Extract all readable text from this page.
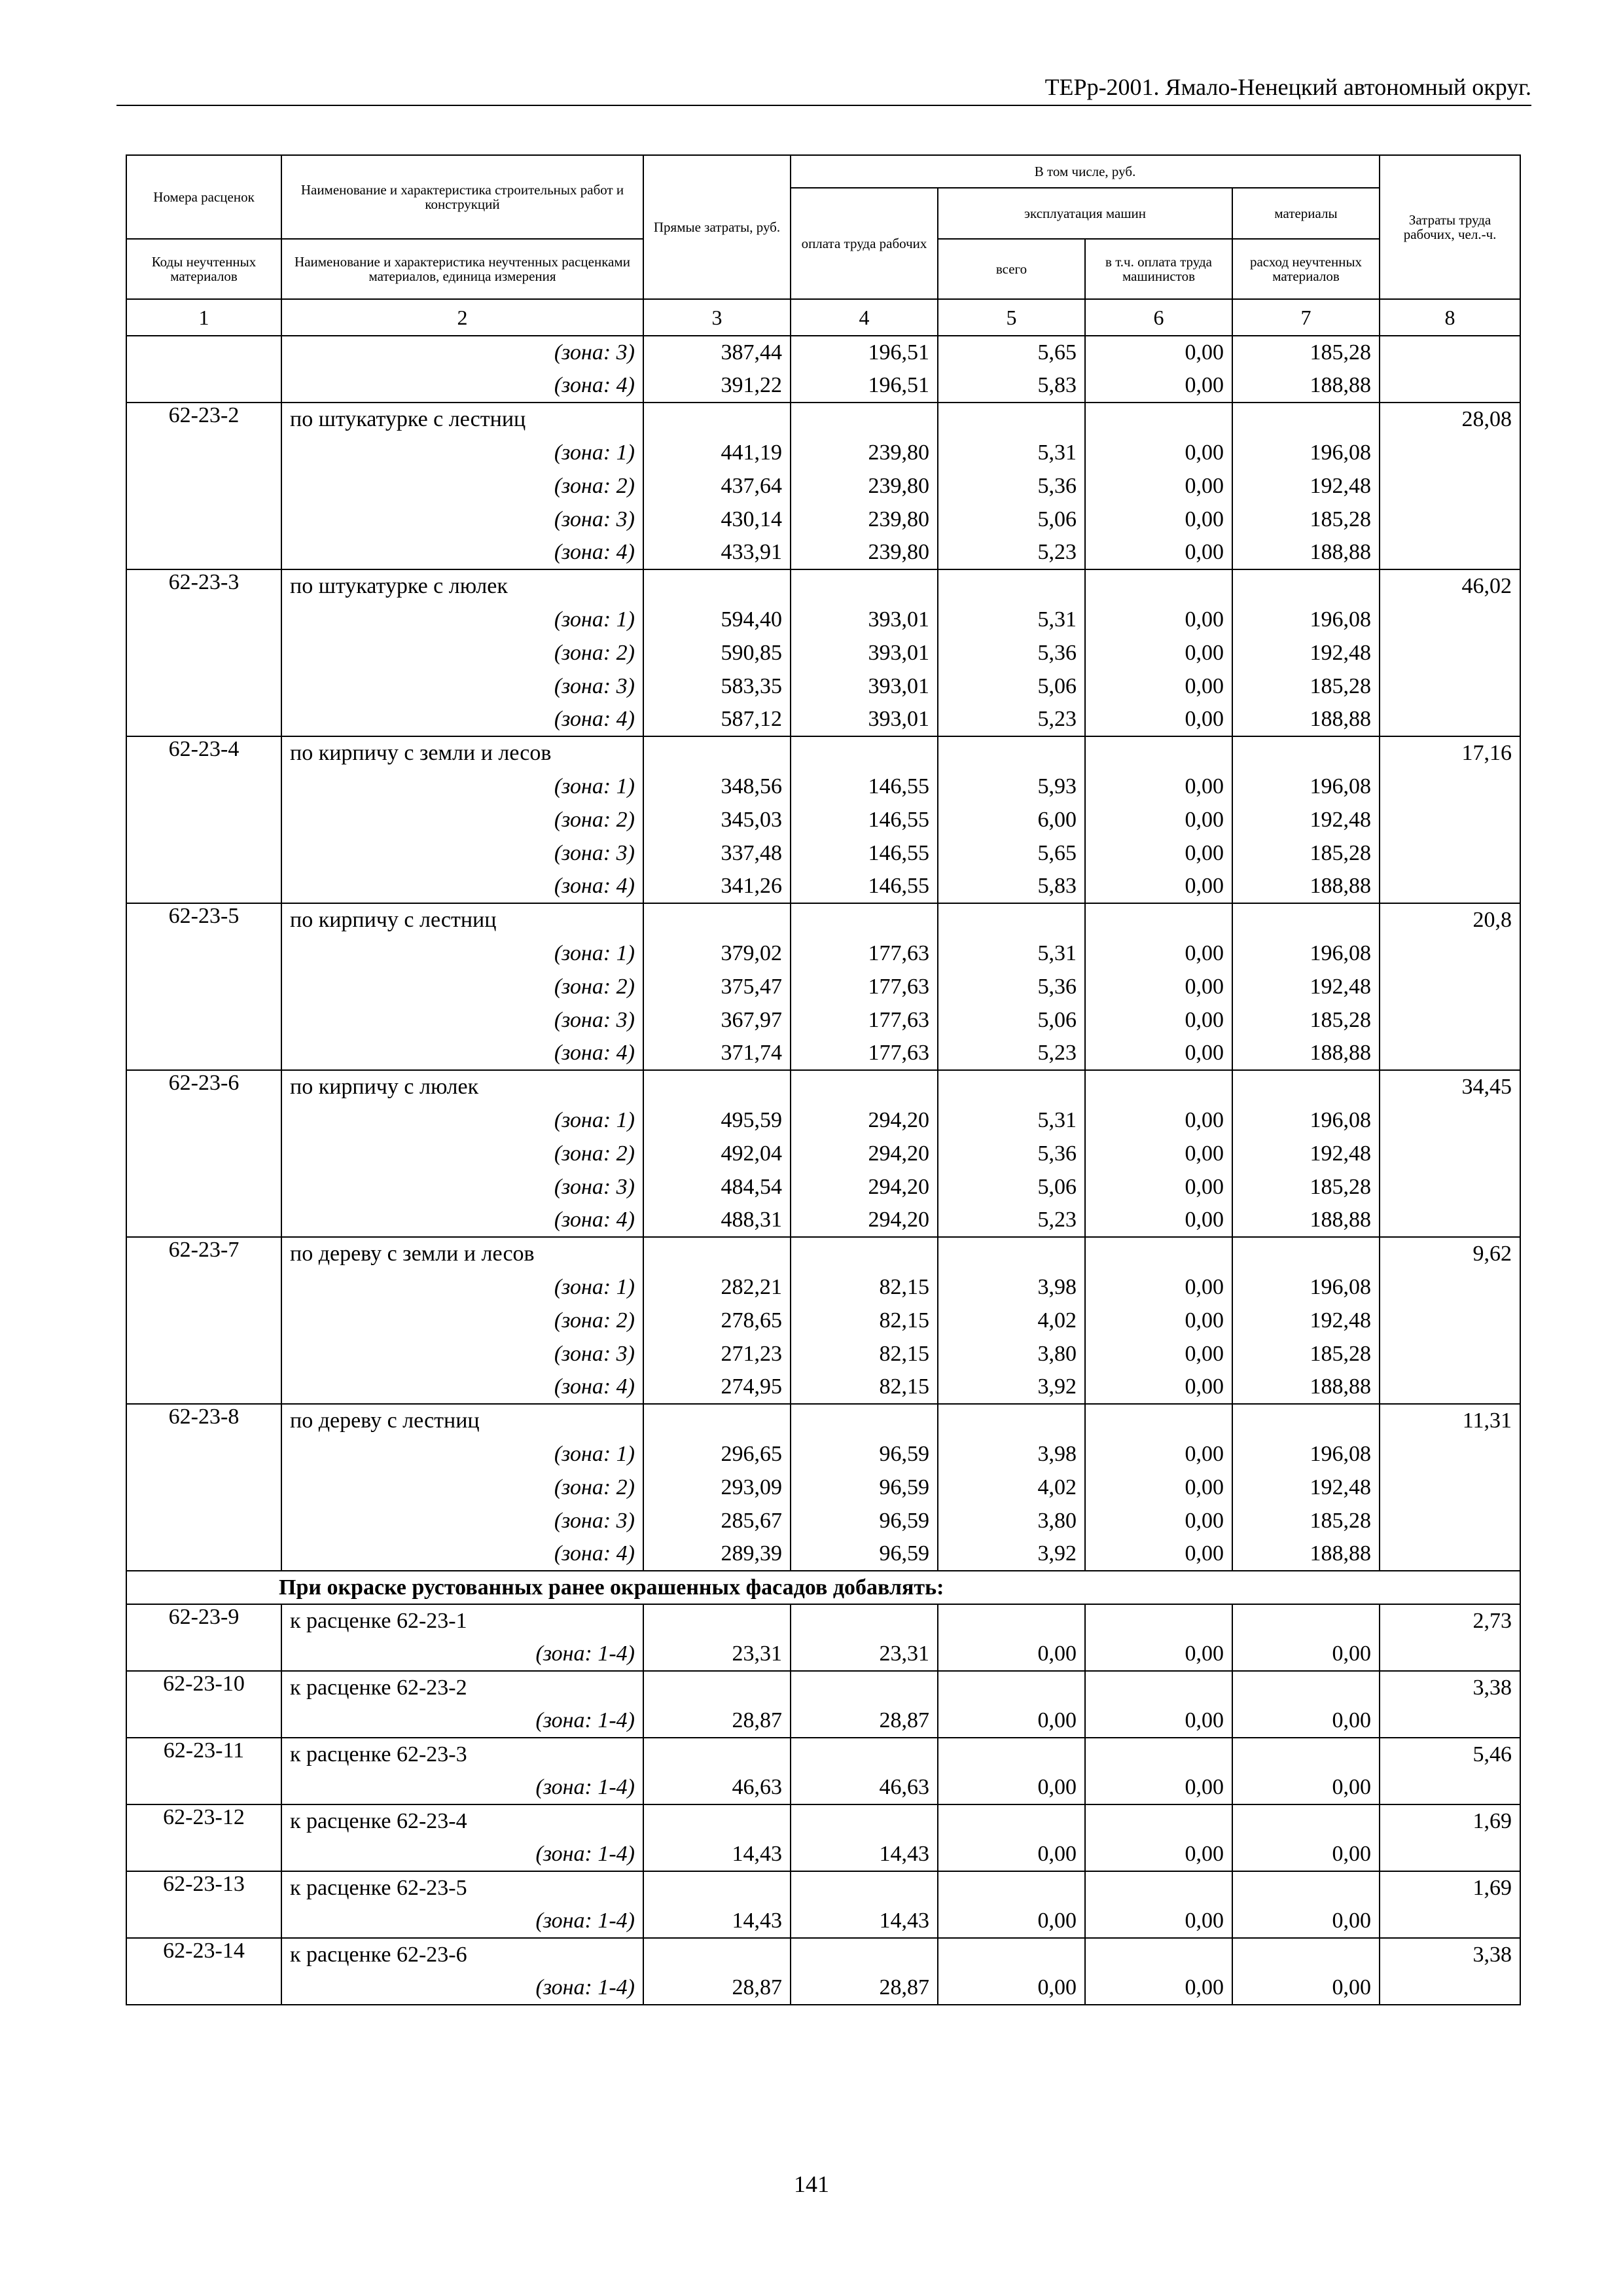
ТЕРр-2001. Ямало-Ненецкий автономный округ.
Номера расценок	Наименование и характеристика строительных работ и конструкций	Прямые затраты, руб.	В том числе, руб.				Затраты труда рабочих, чел.-ч.
			оплата труда рабочих	эксплуатация машин		материалы	
Коды неучтенных материалов	Наименование и характеристика неучтенных расценками материалов, единица измерения			всего	в т.ч. оплата труда машинистов	расход неучтенных материалов	
1	2	3	4	5	6	7	8
	(зона: 3)	387,44	196,51	5,65	0,00	185,28	
	(зона: 4)	391,22	196,51	5,83	0,00	188,88	
62-23-2	по штукатурке с лестниц						28,08
	(зона: 1)	441,19	239,80	5,31	0,00	196,08	
	(зона: 2)	437,64	239,80	5,36	0,00	192,48	
	(зона: 3)	430,14	239,80	5,06	0,00	185,28	
	(зона: 4)	433,91	239,80	5,23	0,00	188,88	
62-23-3	по штукатурке с люлек						46,02
	(зона: 1)	594,40	393,01	5,31	0,00	196,08	
	(зона: 2)	590,85	393,01	5,36	0,00	192,48	
	(зона: 3)	583,35	393,01	5,06	0,00	185,28	
	(зона: 4)	587,12	393,01	5,23	0,00	188,88	
62-23-4	по кирпичу с земли и лесов						17,16
	(зона: 1)	348,56	146,55	5,93	0,00	196,08	
	(зона: 2)	345,03	146,55	6,00	0,00	192,48	
	(зона: 3)	337,48	146,55	5,65	0,00	185,28	
	(зона: 4)	341,26	146,55	5,83	0,00	188,88	
62-23-5	по кирпичу с лестниц						20,8
	(зона: 1)	379,02	177,63	5,31	0,00	196,08	
	(зона: 2)	375,47	177,63	5,36	0,00	192,48	
	(зона: 3)	367,97	177,63	5,06	0,00	185,28	
	(зона: 4)	371,74	177,63	5,23	0,00	188,88	
62-23-6	по кирпичу с люлек						34,45
	(зона: 1)	495,59	294,20	5,31	0,00	196,08	
	(зона: 2)	492,04	294,20	5,36	0,00	192,48	
	(зона: 3)	484,54	294,20	5,06	0,00	185,28	
	(зона: 4)	488,31	294,20	5,23	0,00	188,88	
62-23-7	по дереву с земли и лесов						9,62
	(зона: 1)	282,21	82,15	3,98	0,00	196,08	
	(зона: 2)	278,65	82,15	4,02	0,00	192,48	
	(зона: 3)	271,23	82,15	3,80	0,00	185,28	
	(зона: 4)	274,95	82,15	3,92	0,00	188,88	
62-23-8	по дереву с лестниц						11,31
	(зона: 1)	296,65	96,59	3,98	0,00	196,08	
	(зона: 2)	293,09	96,59	4,02	0,00	192,48	
	(зона: 3)	285,67	96,59	3,80	0,00	185,28	
	(зона: 4)	289,39	96,59	3,92	0,00	188,88	
При окраске рустованных ранее окрашенных фасадов добавлять:							
62-23-9	к расценке 62-23-1						2,73
	(зона: 1-4)	23,31	23,31	0,00	0,00	0,00	
62-23-10	к расценке 62-23-2						3,38
	(зона: 1-4)	28,87	28,87	0,00	0,00	0,00	
62-23-11	к расценке 62-23-3						5,46
	(зона: 1-4)	46,63	46,63	0,00	0,00	0,00	
62-23-12	к расценке 62-23-4						1,69
	(зона: 1-4)	14,43	14,43	0,00	0,00	0,00	
62-23-13	к расценке 62-23-5						1,69
	(зона: 1-4)	14,43	14,43	0,00	0,00	0,00	
62-23-14	к расценке 62-23-6						3,38
	(зона: 1-4)	28,87	28,87	0,00	0,00	0,00	
141
